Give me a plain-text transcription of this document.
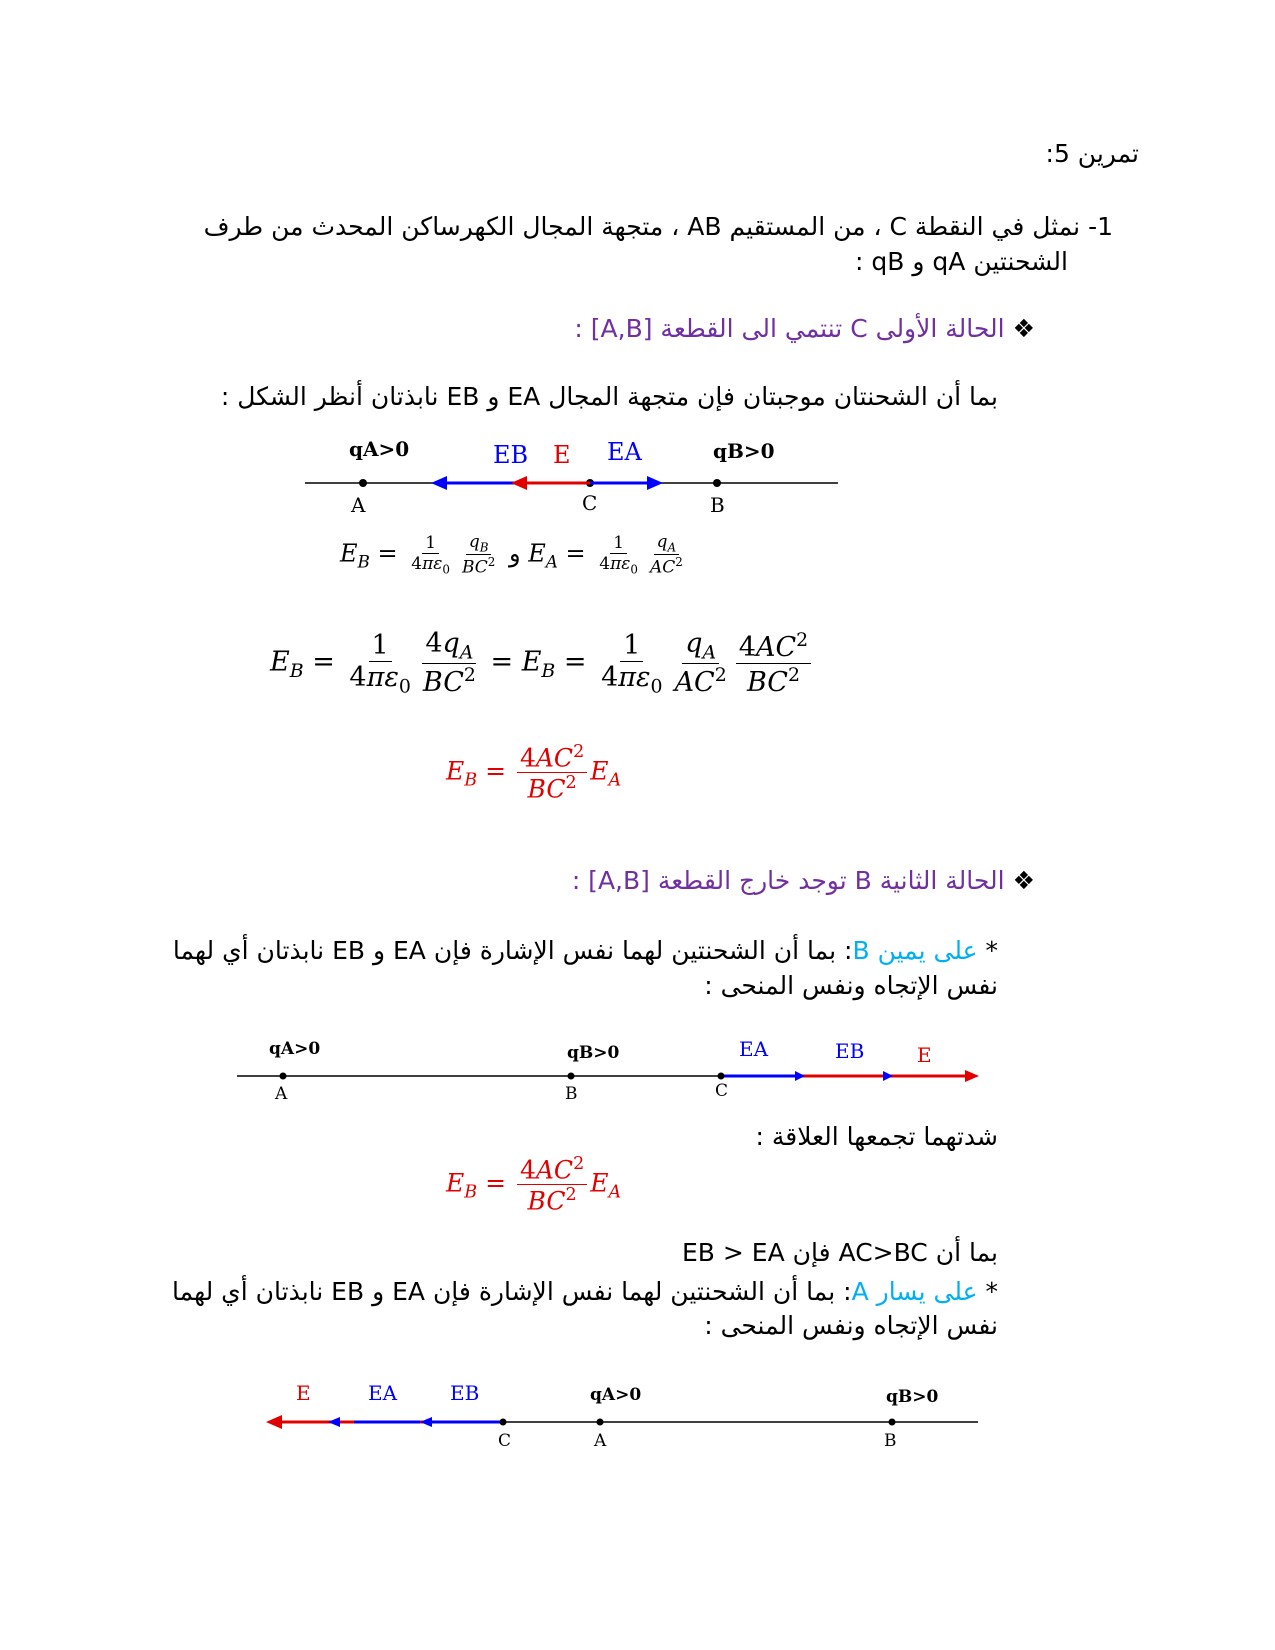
تمرين 5:
1- نمثل في النقطة C ، من المستقيم AB ، متجهة المجال الكهرساكن المحدث من طرف
الشحنتين qA و qB :
❖ الحالة الأولى C تنتمي الى القطعة [A,B] :
بما أن الشحنتان موجبتان فإن متجهة المجال EA و EB نابذتان أنظر الشكل :
qA>0	qB>0
A	C	B
EB E EA
$E_B = \frac{1}{4\pi\varepsilon_0} \frac{q_B}{BC^2}$ و $E_A = \frac{1}{4\pi\varepsilon_0} \frac{q_A}{AC^2}$
$E_B = \frac{1}{4\pi\varepsilon_0} \frac{4q_A}{BC^2} = E_B = \frac{1}{4\pi\varepsilon_0} \frac{q_A}{AC^2} \frac{4AC^2}{BC^2}$
$E_B = \frac{4AC^2}{BC^2} E_A$
❖ الحالة الثانية B توجد خارج القطعة [A,B] :
* على يمين B: بما أن الشحنتين لهما نفس الإشارة فإن EA و EB نابذتان أي لهما
نفس الإتجاه ونفس المنحى :
qA>0	qB>0
A	B	C
EA	EB	E
شدتهما تجمعها العلاقة :
$E_B = \frac{4AC^2}{BC^2} E_A$
بما أن AC>BC فإن EB > EA
* على يسار A: بما أن الشحنتين لهما نفس الإشارة فإن EA و EB نابذتان أي لهما
نفس الإتجاه ونفس المنحى :
E	EA	EB	qA>0	qB>0
C	A	B
